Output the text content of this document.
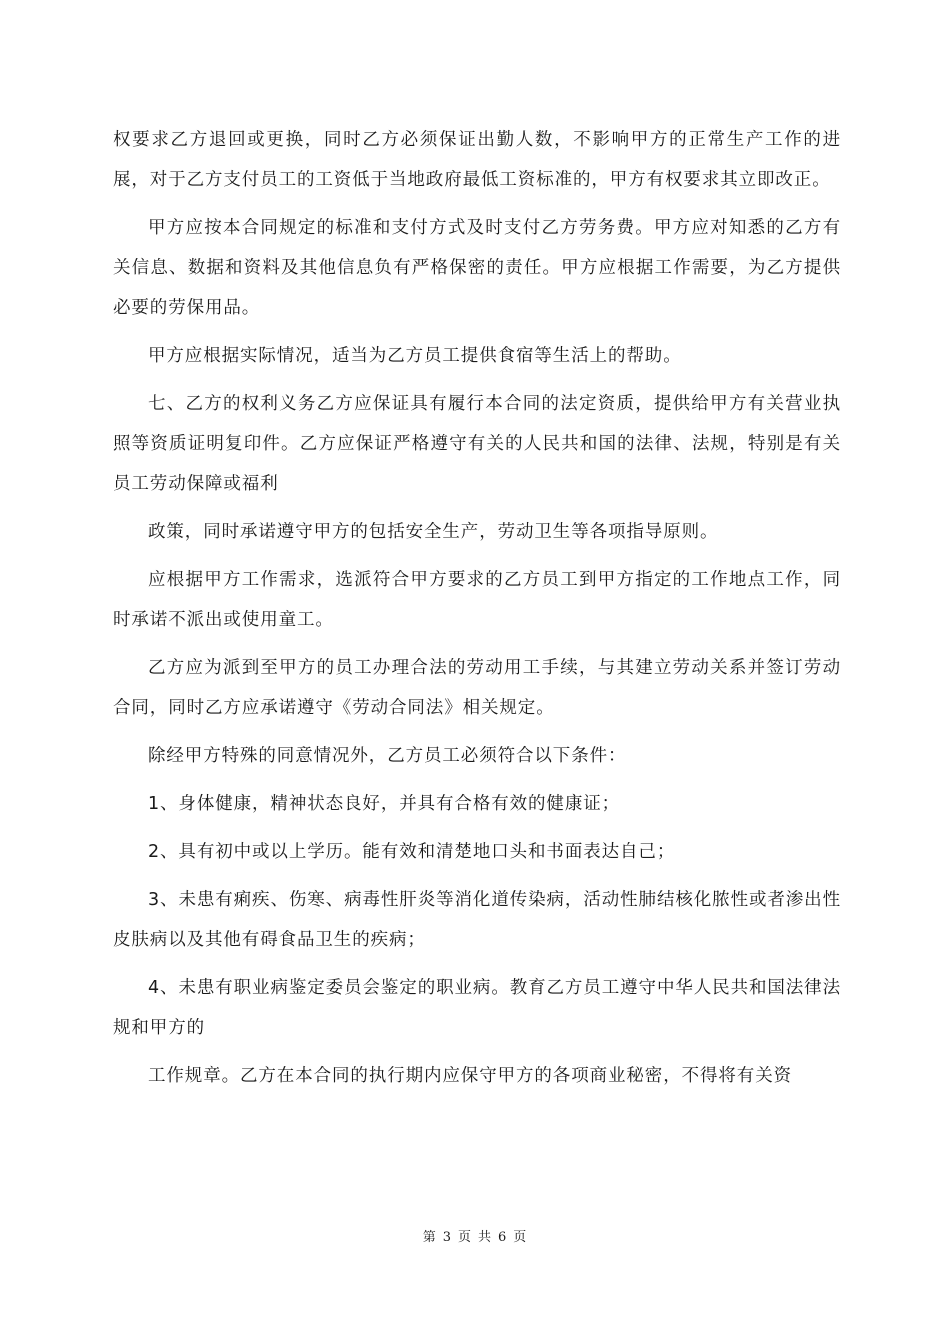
权要求乙方退回或更换，同时乙方必须保证出勤人数，不影响甲方的正常生产工作的进展，对于乙方支付员工的工资低于当地政府最低工资标准的，甲方有权要求其立即改正。

甲方应按本合同规定的标准和支付方式及时支付乙方劳务费。甲方应对知悉的乙方有关信息、数据和资料及其他信息负有严格保密的责任。甲方应根据工作需要，为乙方提供必要的劳保用品。

甲方应根据实际情况，适当为乙方员工提供食宿等生活上的帮助。

七、乙方的权利义务乙方应保证具有履行本合同的法定资质，提供给甲方有关营业执照等资质证明复印件。乙方应保证严格遵守有关的人民共和国的法律、法规，特别是有关员工劳动保障或福利

政策，同时承诺遵守甲方的包括安全生产，劳动卫生等各项指导原则。

应根据甲方工作需求，选派符合甲方要求的乙方员工到甲方指定的工作地点工作，同时承诺不派出或使用童工。

乙方应为派到至甲方的员工办理合法的劳动用工手续，与其建立劳动关系并签订劳动合同，同时乙方应承诺遵守《劳动合同法》相关规定。

除经甲方特殊的同意情况外，乙方员工必须符合以下条件：

1、身体健康，精神状态良好，并具有合格有效的健康证；

2、具有初中或以上学历。能有效和清楚地口头和书面表达自己；

3、未患有痢疾、伤寒、病毒性肝炎等消化道传染病，活动性肺结核化脓性或者渗出性皮肤病以及其他有碍食品卫生的疾病；

4、未患有职业病鉴定委员会鉴定的职业病。教育乙方员工遵守中华人民共和国法律法规和甲方的

工作规章。乙方在本合同的执行期内应保守甲方的各项商业秘密，不得将有关资

第 3 页 共 6 页
